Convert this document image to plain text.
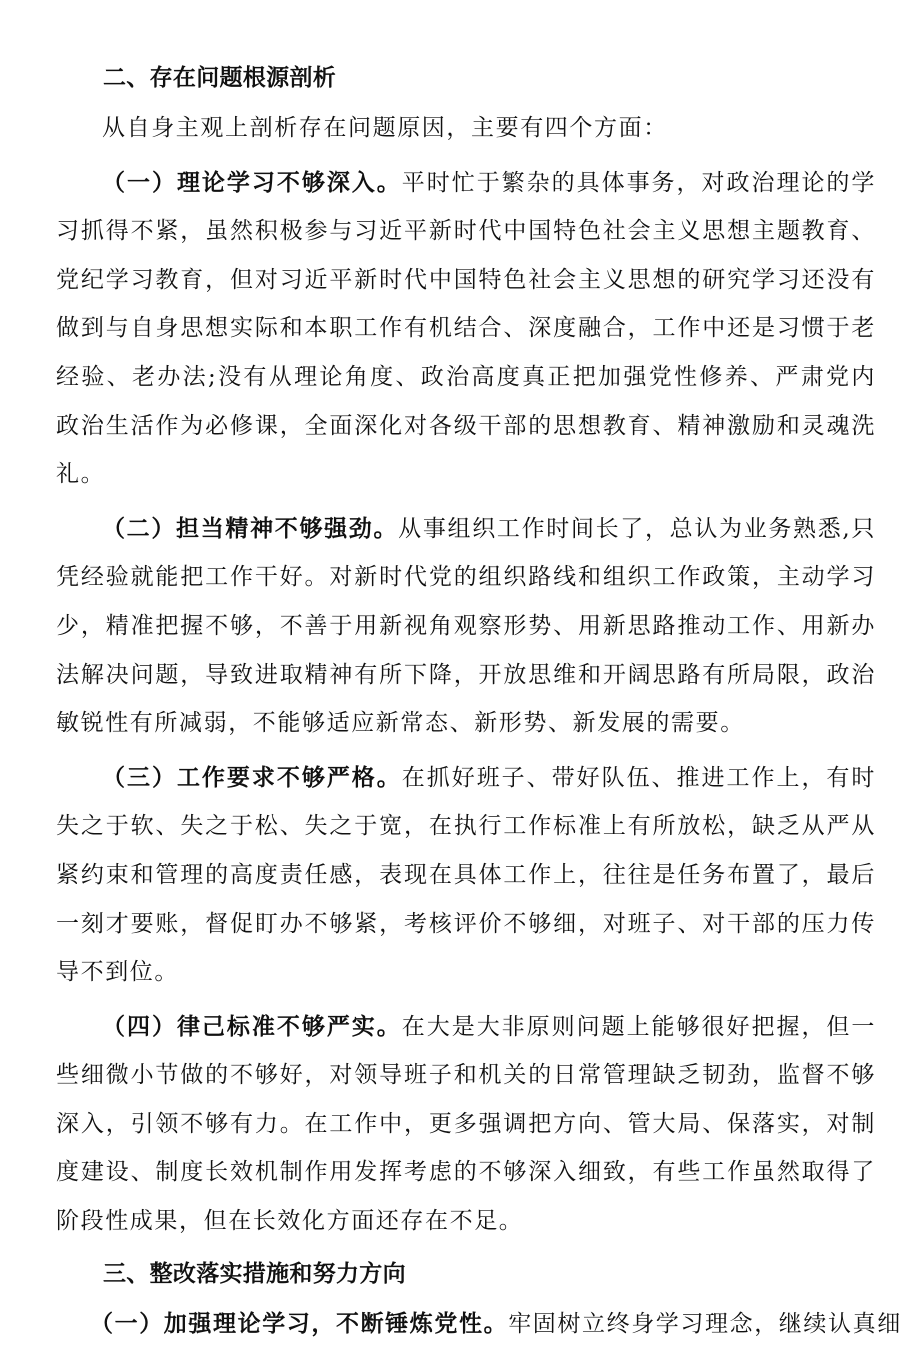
二、存在问题根源剖析

从自身主观上剖析存在问题原因，主要有四个方面：

（一）理论学习不够深入。平时忙于繁杂的具体事务，对政治理论的学习抓得不紧，虽然积极参与习近平新时代中国特色社会主义思想主题教育、党纪学习教育，但对习近平新时代中国特色社会主义思想的研究学习还没有做到与自身思想实际和本职工作有机结合、深度融合，工作中还是习惯于老经验、老办法;没有从理论角度、政治高度真正把加强党性修养、严肃党内政治生活作为必修课，全面深化对各级干部的思想教育、精神激励和灵魂洗礼。

（二）担当精神不够强劲。从事组织工作时间长了，总认为业务熟悉,只凭经验就能把工作干好。对新时代党的组织路线和组织工作政策，主动学习少，精准把握不够，不善于用新视角观察形势、用新思路推动工作、用新办法解决问题，导致进取精神有所下降，开放思维和开阔思路有所局限，政治敏锐性有所减弱，不能够适应新常态、新形势、新发展的需要。

（三）工作要求不够严格。在抓好班子、带好队伍、推进工作上，有时失之于软、失之于松、失之于宽，在执行工作标准上有所放松，缺乏从严从紧约束和管理的高度责任感，表现在具体工作上，往往是任务布置了，最后一刻才要账，督促盯办不够紧，考核评价不够细，对班子、对干部的压力传导不到位。

（四）律己标准不够严实。在大是大非原则问题上能够很好把握，但一些细微小节做的不够好，对领导班子和机关的日常管理缺乏韧劲，监督不够深入，引领不够有力。在工作中，更多强调把方向、管大局、保落实，对制度建设、制度长效机制作用发挥考虑的不够深入细致，有些工作虽然取得了阶段性成果，但在长效化方面还存在不足。

三、整改落实措施和努力方向

（一）加强理论学习，不断锤炼党性。牢固树立终身学习理念，继续认真细
